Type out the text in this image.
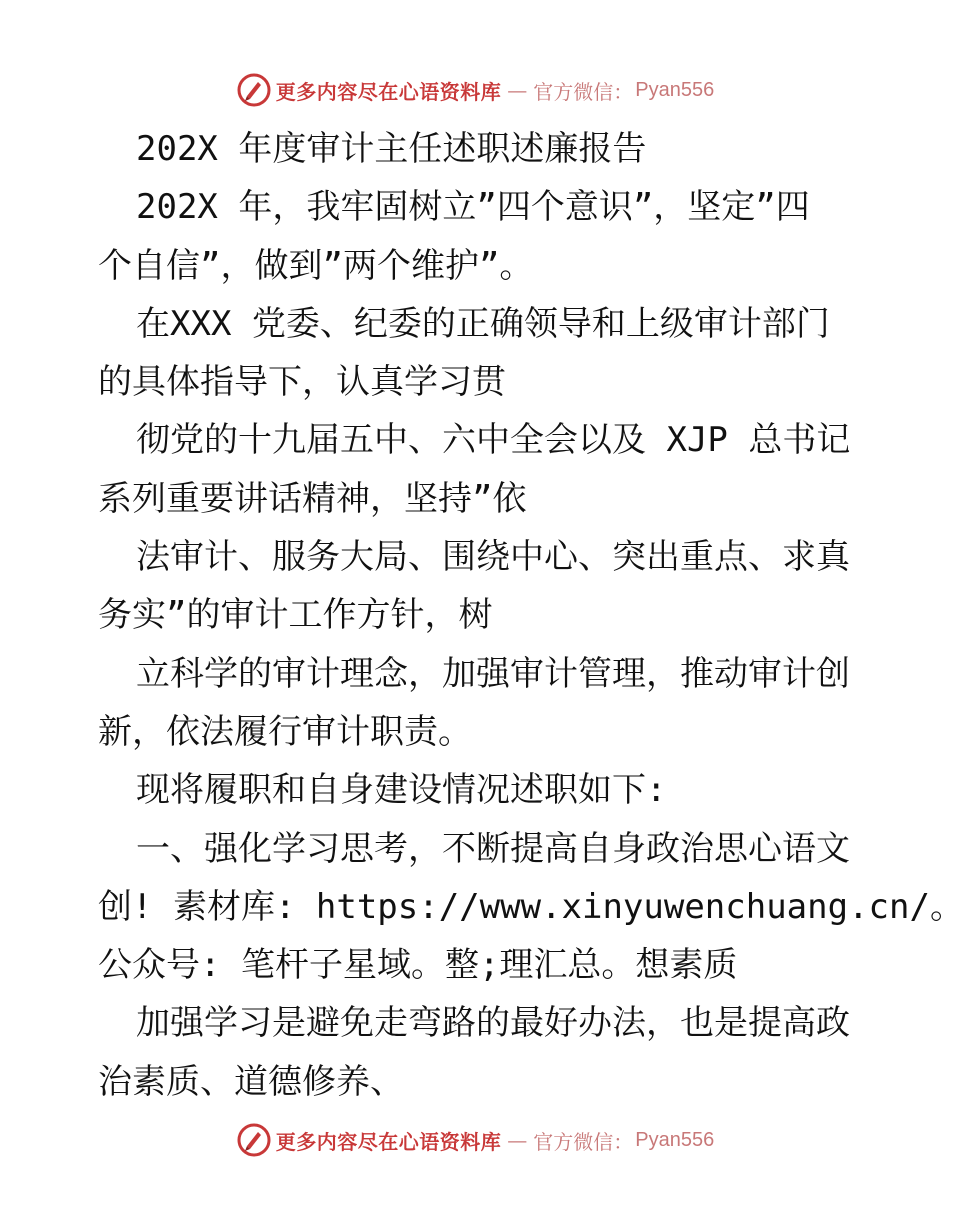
更多内容尽在心语资料库 — 官方微信： Pyan556
202X 年度审计主任述职述廉报告
202X 年，我牢固树立”四个意识”，坚定”四
个自信”，做到”两个维护”。
在XXX 党委、纪委的正确领导和上级审计部门
的具体指导下，认真学习贯
彻党的十九届五中、六中全会以及 XJP 总书记
系列重要讲话精神，坚持”依
法审计、服务大局、围绕中心、突出重点、求真
务实”的审计工作方针，树
立科学的审计理念，加强审计管理，推动审计创
新，依法履行审计职责。
现将履职和自身建设情况述职如下:
一、强化学习思考，不断提高自身政治思心语文
创! 素材库: https://www.xinyuwenchuang.cn/。
公众号: 笔杆子星域。整;理汇总。想素质
加强学习是避免走弯路的最好办法，也是提高政
治素质、道德修养、
更多内容尽在心语资料库 — 官方微信： Pyan556
